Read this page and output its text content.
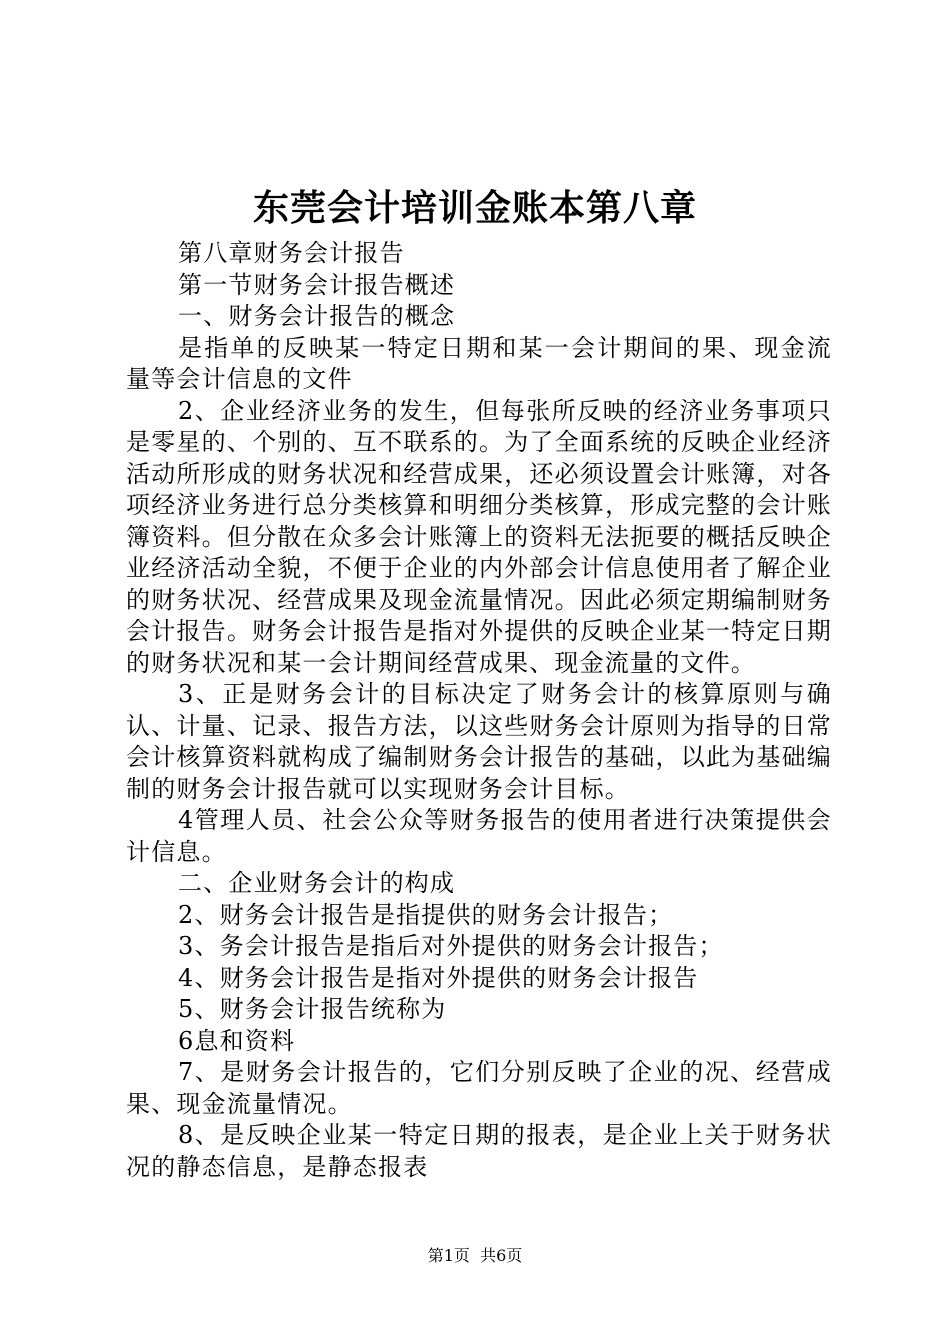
东莞会计培训金账本第八章

第八章财务会计报告

第一节财务会计报告概述

一、财务会计报告的概念

是指单的反映某一特定日期和某一会计期间的果、现金流量等会计信息的文件

2、企业经济业务的发生，但每张所反映的经济业务事项只是零星的、个别的、互不联系的。为了全面系统的反映企业经济活动所形成的财务状况和经营成果，还必须设置会计账簿，对各项经济业务进行总分类核算和明细分类核算，形成完整的会计账簿资料。但分散在众多会计账簿上的资料无法扼要的概括反映企业经济活动全貌，不便于企业的内外部会计信息使用者了解企业的财务状况、经营成果及现金流量情况。因此必须定期编制财务会计报告。财务会计报告是指对外提供的反映企业某一特定日期的财务状况和某一会计期间经营成果、现金流量的文件。

3、正是财务会计的目标决定了财务会计的核算原则与确认、计量、记录、报告方法，以这些财务会计原则为指导的日常会计核算资料就构成了编制财务会计报告的基础，以此为基础编制的财务会计报告就可以实现财务会计目标。

4管理人员、社会公众等财务报告的使用者进行决策提供会计信息。

二、企业财务会计的构成

2、财务会计报告是指提供的财务会计报告；

3、务会计报告是指后对外提供的财务会计报告；

4、财务会计报告是指对外提供的财务会计报告

5、财务会计报告统称为

6息和资料

7、是财务会计报告的，它们分别反映了企业的况、经营成果、现金流量情况。

8、是反映企业某一特定日期的报表，是企业上关于财务状况的静态信息，是静态报表

第1页  共6页
